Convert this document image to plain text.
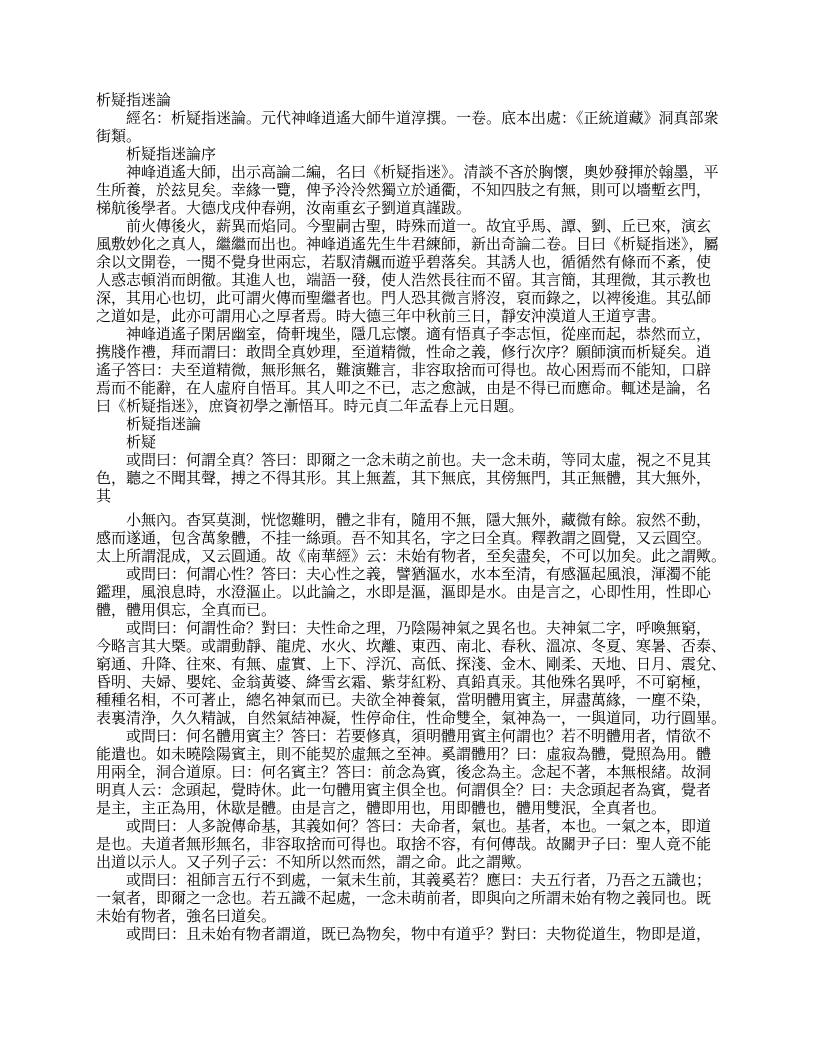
析疑指迷論
　　經名：析疑指迷論。元代神峰逍遙大師牛道淳撰。一卷。底本出處：《正統道藏》洞真部衆
街類。
　　析疑指迷論序
　　神峰逍遙大師，出示高論二編，名曰《析疑指迷》。清談不吝於胸懷，奧妙發揮於翰墨，平
生所養，於玆見矣。幸緣一覽，俾予泠泠然獨立於通衢，不知四肢之有無，則可以墻塹玄門，
梯航後學者。大德戊戌仲春朔，汝南重玄子劉道真謹跋。
　　前火傳後火，薪異而焰同。今聖嗣古聖，時殊而道一。故宜乎馬、譚、劉、丘已來，演玄
風敷妙化之真人，繼繼而出也。神峰逍遙先生牛君練師，新出奇論二卷。目曰《析疑指迷》，屬
余以文開卷，一閱不覺身世兩忘，若馭清飆而遊乎碧落矣。其誘人也，循循然有條而不紊，使
人惑志頓消而朗徹。其進人也，端語一發，使人浩然長往而不留。其言簡，其理微，其示教也
深，其用心也切，此可謂火傳而聖繼者也。門人恐其微言將沒，裒而錄之，以裨後進。其弘師
之道如是，此亦可謂用心之厚者焉。時大德三年中秋前三日，靜安沖漠道人王道亨書。
　　神峰逍遙子閑居幽室，倚軒塊坐，隱几忘懷。適有悟真子李志恒，從座而起，恭然而立，
携牋作禮，拜而謂曰：敢問全真妙理，至道精微，性命之義，修行次序？願師演而析疑矣。逍
遙子答曰：夫至道精微，無形無名，難演難言，非容取捨而可得也。故心困焉而不能知，口辟
焉而不能辭，在人虛府自悟耳。其人叩之不已，志之愈誠，由是不得已而應命。輒述是論，名
曰《析疑指迷》，庶資初學之漸悟耳。時元貞二年孟春上元日題。
　　析疑指迷論
　　析疑
　　或問曰：何謂全真？答曰：即爾之一念未萌之前也。夫一念未萌，等同太虛，視之不見其
色，聽之不聞其聲，搏之不得其形。其上無蓋，其下無底，其傍無門，其正無體，其大無外，
其
　　小無內。杳冥莫測，恍惚難明，體之非有，隨用不無，隱大無外，藏微有餘。寂然不動，
感而遂通，包含萬象體，不挂一絲頭。吾不知其名，字之曰全真。釋教謂之圓覺，又云圓空。
太上所謂混成，又云圓通。故《南華經》云：未始有物者，至矣盡矣，不可以加矣。此之謂歟。
　　或問曰：何謂心性？答曰：夫心性之義，譬猶漚水，水本至清，有感漚起風浪，渾濁不能
鑑理，風浪息時，水澄漚止。以此論之，水即是漚，漚即是水。由是言之，心即性用，性即心
體，體用俱忘，全真而已。
　　或問曰：何謂性命？對曰：夫性命之理，乃陰陽神氣之異名也。夫神氣二字，呼喚無窮，
今略言其大槩。或謂動靜、龍虎、水火、坎離、東西、南北、春秋、溫凉、冬夏、寒暑、否泰、
窮通、升降、往來、有無、虛實、上下、浮沉、高低、探淺、金木、剛柔、天地、日月、震兌、
昏明、夫婦、嬰姹、金翁黃婆、絳雪玄霜、紫芽紅粉、真鉛真汞。其他殊名異呼，不可窮極，
種種名相，不可著止，總名神氣而已。夫欲全神養氣，當明體用賓主，屏盡萬緣，一塵不染，
表裏清浄，久久精誠，自然氣結神凝，性停命住，性命雙全，氣神為一，一與道同，功行圓畢。
　　或問曰：何名體用賓主？答曰：若要修真，須明體用賓主何謂也？若不明體用者，情欲不
能遣也。如未曉陰陽賓主，則不能契於虛無之至神。奚謂體用？曰：虛寂為體，覺照為用。體
用兩全，洞合道原。曰：何名賓主？答曰：前念為賓，後念為主。念起不著，本無根緒。故洞
明真人云：念頭起，覺時休。此一句體用賓主俱全也。何謂俱全？曰：夫念頭起者為賓，覺者
是主，主正為用，休歇是體。由是言之，體即用也，用即體也，體用雙泯，全真者也。
　　或問曰：人多說傳命基，其義如何？答曰：夫命者，氣也。基者，本也。一氣之本，即道
是也。夫道者無形無名，非容取捨而可得也。取捨不容，有何傳哉。故關尹子曰：聖人竟不能
出道以示人。又子列子云：不知所以然而然，謂之命。此之謂歟。
　　或問曰：祖師言五行不到處，一氣未生前，其義奚若？應曰：夫五行者，乃吾之五識也；
一氣者，即爾之一念也。若五識不起處，一念未萌前者，即與向之所謂未始有物之義同也。既
未始有物者，強名曰道矣。
　　或問曰：且未始有物者謂道，既已為物矣，物中有道乎？對曰：夫物從道生，物即是道，
